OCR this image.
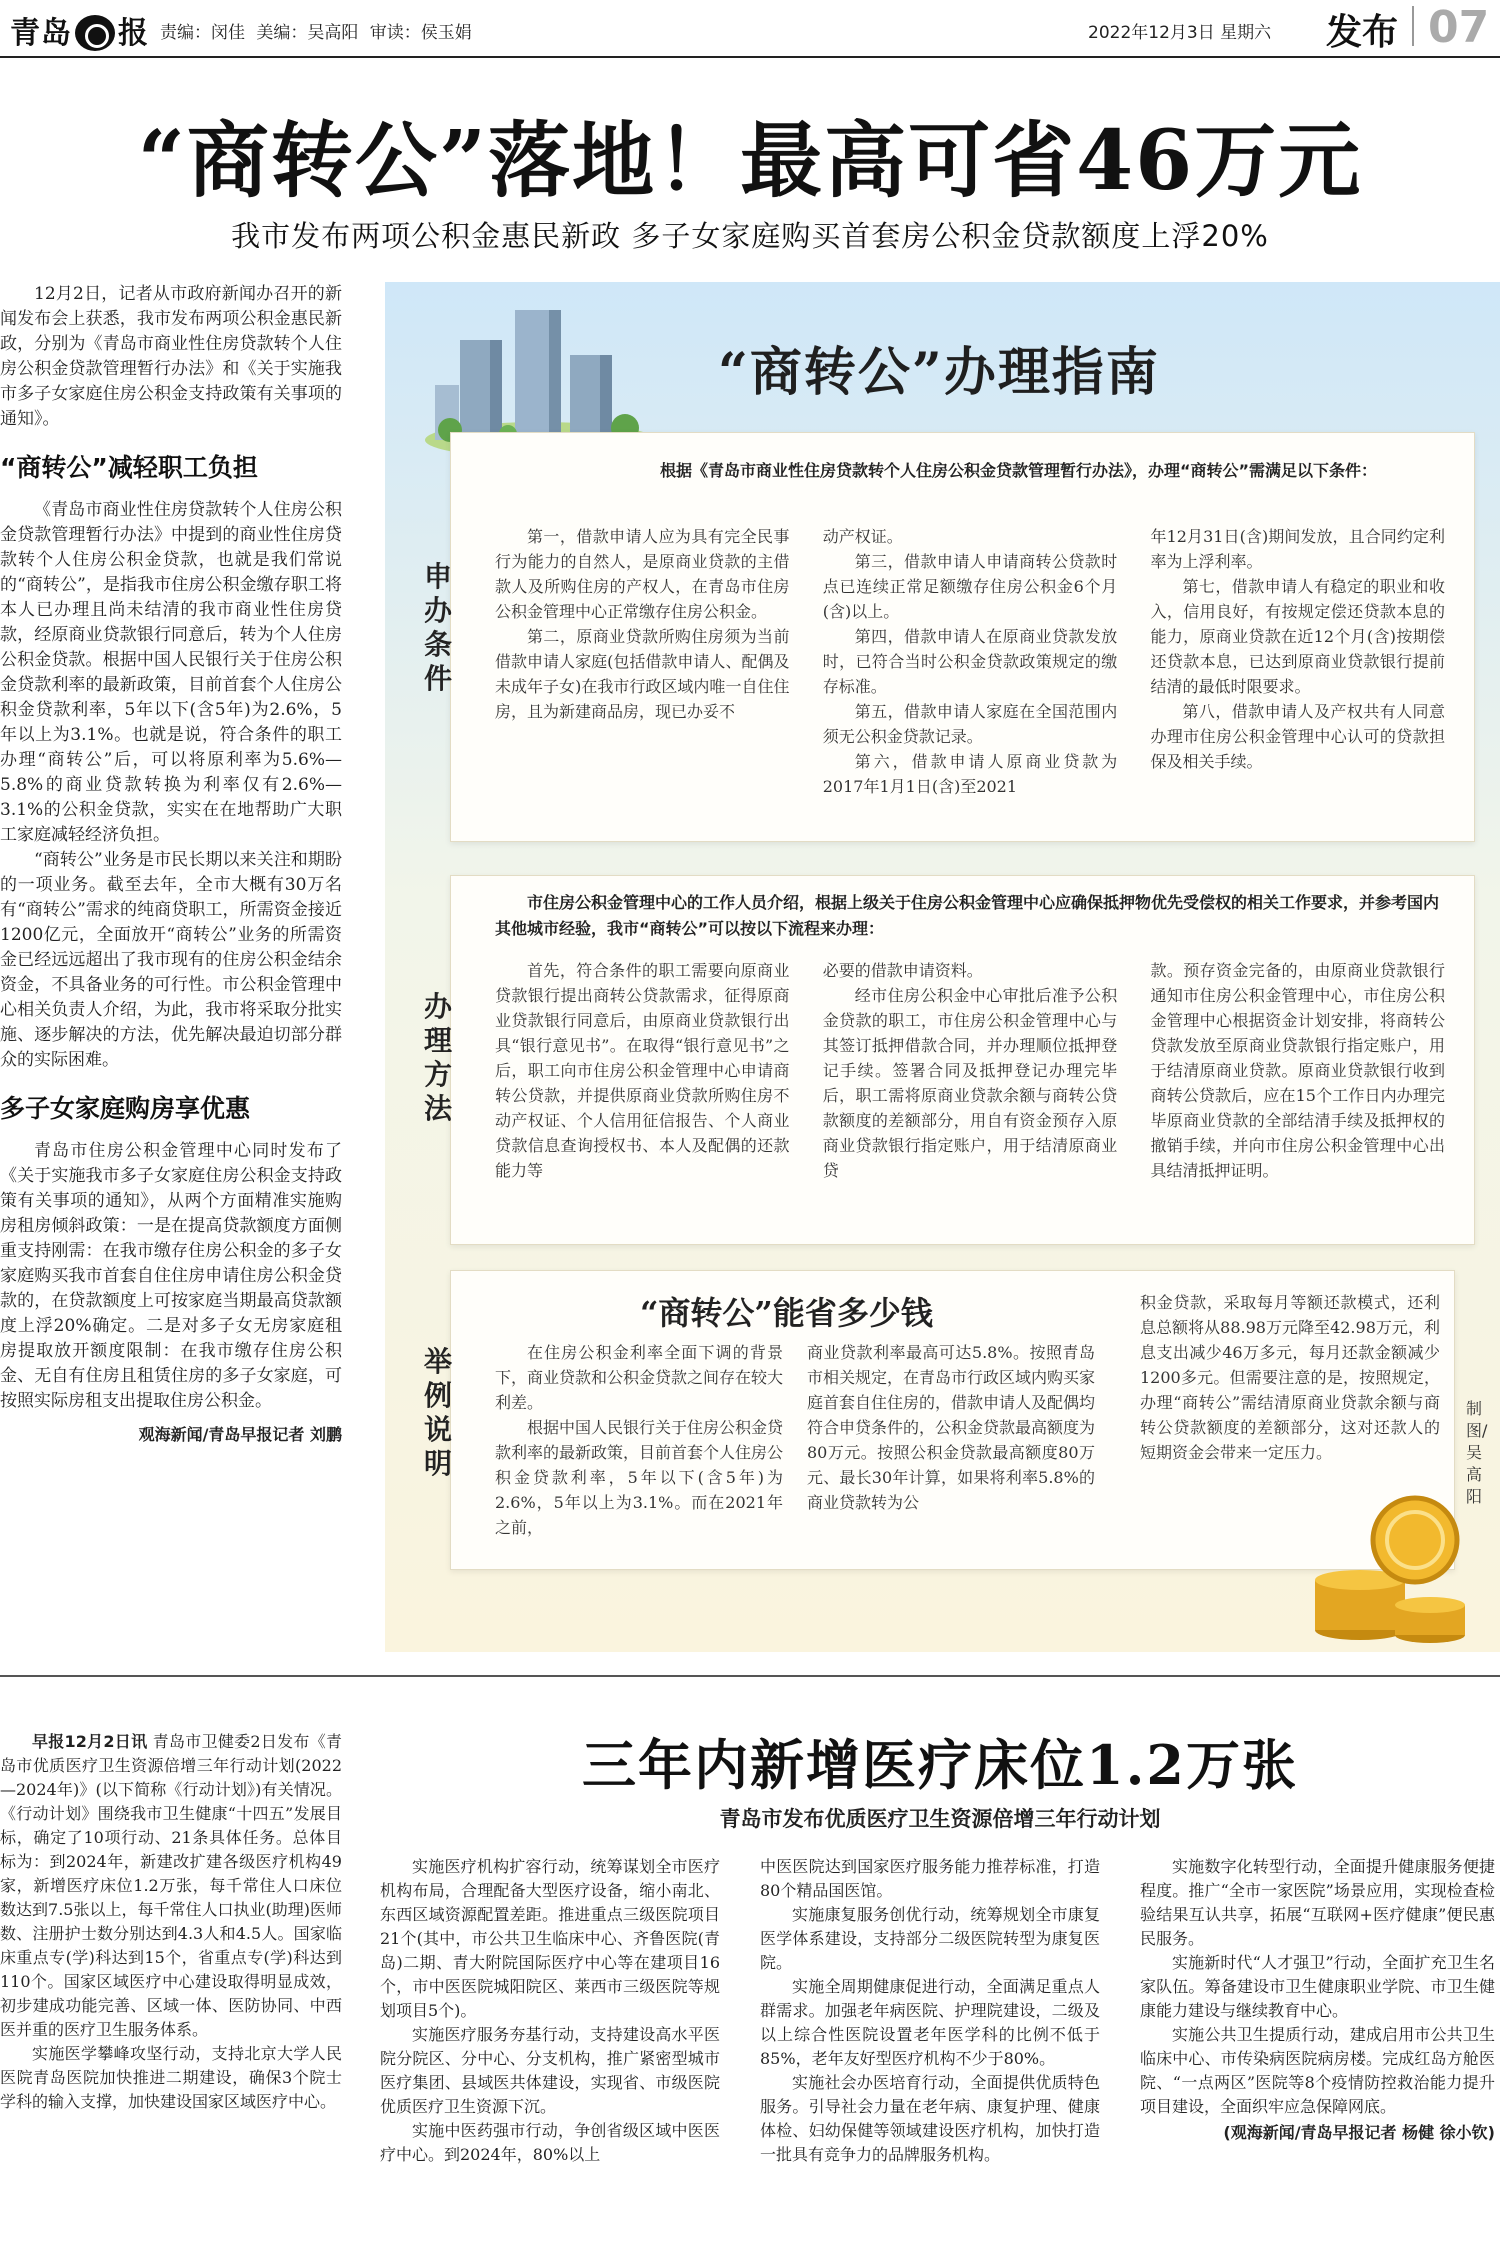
青岛 报 责编：闵佳 美编：吴高阳 审读：侯玉娟	2022年12月3日 星期六 发布 07
“商转公”落地！最高可省46万元
我市发布两项公积金惠民新政 多子女家庭购买首套房公积金贷款额度上浮20%

12月2日，记者从市政府新闻办召开的新闻发布会上获悉，我市发布两项公积金惠民新政，分别为《青岛市商业性住房贷款转个人住房公积金贷款管理暂行办法》和《关于实施我市多子女家庭住房公积金支持政策有关事项的通知》。

“商转公”减轻职工负担

《青岛市商业性住房贷款转个人住房公积金贷款管理暂行办法》中提到的商业性住房贷款转个人住房公积金贷款，也就是我们常说的“商转公”，是指我市住房公积金缴存职工将本人已办理且尚未结清的我市商业性住房贷款，经原商业贷款银行同意后，转为个人住房公积金贷款。根据中国人民银行关于住房公积金贷款利率的最新政策，目前首套个人住房公积金贷款利率，5年以下(含5年)为2.6%，5年以上为3.1%。也就是说，符合条件的职工办理“商转公”后，可以将原利率为5.6%—5.8%的商业贷款转换为利率仅有2.6%—3.1%的公积金贷款，实实在在地帮助广大职工家庭减轻经济负担。

“商转公”业务是市民长期以来关注和期盼的一项业务。截至去年，全市大概有30万名有“商转公”需求的纯商贷职工，所需资金接近1200亿元，全面放开“商转公”业务的所需资金已经远远超出了我市现有的住房公积金结余资金，不具备业务的可行性。市公积金管理中心相关负责人介绍，为此，我市将采取分批实施、逐步解决的方法，优先解决最迫切部分群众的实际困难。

多子女家庭购房享优惠

青岛市住房公积金管理中心同时发布了《关于实施我市多子女家庭住房公积金支持政策有关事项的通知》，从两个方面精准实施购房租房倾斜政策：一是在提高贷款额度方面侧重支持刚需：在我市缴存住房公积金的多子女家庭购买我市首套自住住房申请住房公积金贷款的，在贷款额度上可按家庭当期最高贷款额度上浮20%确定。二是对多子女无房家庭租房提取放开额度限制：在我市缴存住房公积金、无自有住房且租赁住房的多子女家庭，可按照实际房租支出提取住房公积金。

观海新闻/青岛早报记者 刘鹏
“商转公”办理指南
申办条件
根据《青岛市商业性住房贷款转个人住房公积金贷款管理暂行办法》，办理“商转公”需满足以下条件：

第一，借款申请人应为具有完全民事行为能力的自然人，是原商业贷款的主借款人及所购住房的产权人，在青岛市住房公积金管理中心正常缴存住房公积金。

第二，原商业贷款所购住房须为当前借款申请人家庭(包括借款申请人、配偶及未成年子女)在我市行政区域内唯一自住住房，且为新建商品房，现已办妥不

动产权证。

第三，借款申请人申请商转公贷款时点已连续正常足额缴存住房公积金6个月(含)以上。

第四，借款申请人在原商业贷款发放时，已符合当时公积金贷款政策规定的缴存标准。

第五，借款申请人家庭在全国范围内须无公积金贷款记录。

第六，借款申请人原商业贷款为2017年1月1日(含)至2021

年12月31日(含)期间发放，且合同约定利率为上浮利率。

第七，借款申请人有稳定的职业和收入，信用良好，有按规定偿还贷款本息的能力，原商业贷款在近12个月(含)按期偿还贷款本息，已达到原商业贷款银行提前结清的最低时限要求。

第八，借款申请人及产权共有人同意办理市住房公积金管理中心认可的贷款担保及相关手续。

办理方法
市住房公积金管理中心的工作人员介绍，根据上级关于住房公积金管理中心应确保抵押物优先受偿权的相关工作要求，并参考国内其他城市经验，我市“商转公”可以按以下流程来办理：

首先，符合条件的职工需要向原商业贷款银行提出商转公贷款需求，征得原商业贷款银行同意后，由原商业贷款银行出具“银行意见书”。在取得“银行意见书”之后，职工向市住房公积金管理中心申请商转公贷款，并提供原商业贷款所购住房不动产权证、个人信用征信报告、个人商业贷款信息查询授权书、本人及配偶的还款能力等

必要的借款申请资料。

经市住房公积金中心审批后准予公积金贷款的职工，市住房公积金管理中心与其签订抵押借款合同，并办理顺位抵押登记手续。签署合同及抵押登记办理完毕后，职工需将原商业贷款余额与商转公贷款额度的差额部分，用自有资金预存入原商业贷款银行指定账户，用于结清原商业贷

款。预存资金完备的，由原商业贷款银行通知市住房公积金管理中心，市住房公积金管理中心根据资金计划安排，将商转公贷款发放至原商业贷款银行指定账户，用于结清原商业贷款。原商业贷款银行收到商转公贷款后，应在15个工作日内办理完毕原商业贷款的全部结清手续及抵押权的撤销手续，并向市住房公积金管理中心出具结清抵押证明。

举例说明
“商转公”能省多少钱

在住房公积金利率全面下调的背景下，商业贷款和公积金贷款之间存在较大利差。

根据中国人民银行关于住房公积金贷款利率的最新政策，目前首套个人住房公积金贷款利率，5年以下(含5年)为2.6%，5年以上为3.1%。而在2021年之前，

商业贷款利率最高可达5.8%。按照青岛市相关规定，在青岛市行政区域内购买家庭首套自住住房的，借款申请人及配偶均符合申贷条件的，公积金贷款最高额度为80万元。按照公积金贷款最高额度80万元、最长30年计算，如果将利率5.8%的商业贷款转为公

积金贷款，采取每月等额还款模式，还利息总额将从88.98万元降至42.98万元，利息支出减少46万多元，每月还款金额减少1200多元。但需要注意的是，按照规定，办理“商转公”需结清原商业贷款余额与商转公贷款额度的差额部分，这对还款人的短期资金会带来一定压力。

制图/吴高阳
三年内新增医疗床位1.2万张
青岛市发布优质医疗卫生资源倍增三年行动计划

早报12月2日讯 青岛市卫健委2日发布《青岛市优质医疗卫生资源倍增三年行动计划(2022—2024年)》(以下简称《行动计划》)有关情况。《行动计划》围绕我市卫生健康“十四五”发展目标，确定了10项行动、21条具体任务。总体目标为：到2024年，新建改扩建各级医疗机构49家，新增医疗床位1.2万张，每千常住人口床位数达到7.5张以上，每千常住人口执业(助理)医师数、注册护士数分别达到4.3人和4.5人。国家临床重点专(学)科达到15个，省重点专(学)科达到110个。国家区域医疗中心建设取得明显成效，初步建成功能完善、区域一体、医防协同、中西医并重的医疗卫生服务体系。

实施医学攀峰攻坚行动，支持北京大学人民医院青岛医院加快推进二期建设，确保3个院士学科的输入支撑，加快建设国家区域医疗中心。

实施医疗机构扩容行动，统筹谋划全市医疗机构布局，合理配备大型医疗设备，缩小南北、东西区域资源配置差距。推进重点三级医院项目21个(其中，市公共卫生临床中心、齐鲁医院(青岛)二期、青大附院国际医疗中心等在建项目16个，市中医医院城阳院区、莱西市三级医院等规划项目5个)。

实施医疗服务夯基行动，支持建设高水平医院分院区、分中心、分支机构，推广紧密型城市医疗集团、县域医共体建设，实现省、市级医院优质医疗卫生资源下沉。

实施中医药强市行动，争创省级区域中医医疗中心。到2024年，80%以上

中医医院达到国家医疗服务能力推荐标准，打造80个精品国医馆。

实施康复服务创优行动，统筹规划全市康复医学体系建设，支持部分二级医院转型为康复医院。

实施全周期健康促进行动，全面满足重点人群需求。加强老年病医院、护理院建设，二级及以上综合性医院设置老年医学科的比例不低于85%，老年友好型医疗机构不少于80%。

实施社会办医培育行动，全面提供优质特色服务。引导社会力量在老年病、康复护理、健康体检、妇幼保健等领域建设医疗机构，加快打造一批具有竞争力的品牌服务机构。

实施数字化转型行动，全面提升健康服务便捷程度。推广“全市一家医院”场景应用，实现检查检验结果互认共享，拓展“互联网+医疗健康”便民惠民服务。

实施新时代“人才强卫”行动，全面扩充卫生名家队伍。筹备建设市卫生健康职业学院、市卫生健康能力建设与继续教育中心。

实施公共卫生提质行动，建成启用市公共卫生临床中心、市传染病医院病房楼。完成红岛方舱医院、“一点两区”医院等8个疫情防控救治能力提升项目建设，全面织牢应急保障网底。

(观海新闻/青岛早报记者 杨健 徐小钦)
